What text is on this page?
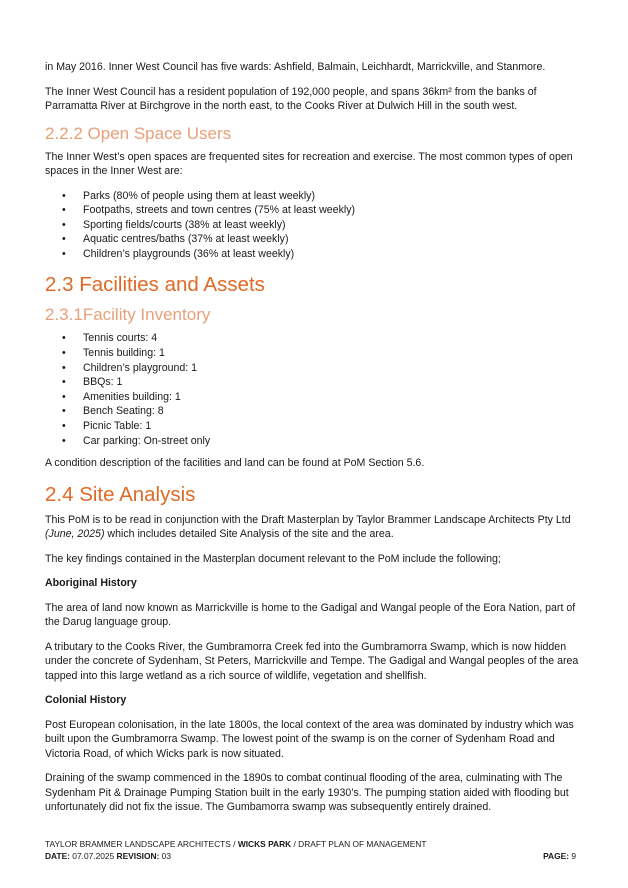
in May 2016. Inner West Council has five wards: Ashfield, Balmain, Leichhardt, Marrickville, and Stanmore.

The Inner West Council has a resident population of 192,000 people, and spans 36km² from the banks of Parramatta River at Birchgrove in the north east, to the Cooks River at Dulwich Hill in the south west.

2.2.2 Open Space Users

The Inner West’s open spaces are frequented sites for recreation and exercise. The most common types of open spaces in the Inner West are:

• Parks (80% of people using them at least weekly)
• Footpaths, streets and town centres (75% at least weekly)
• Sporting fields/courts (38% at least weekly)
• Aquatic centres/baths (37% at least weekly)
• Children’s playgrounds (36% at least weekly)
2.3 Facilities and Assets
2.3.1Facility Inventory
• Tennis courts: 4
• Tennis building: 1
• Children’s playground: 1
• BBQs: 1
• Amenities building: 1
• Bench Seating: 8
• Picnic Table: 1
• Car parking: On-street only

A condition description of the facilities and land can be found at PoM Section 5.6.

2.4 Site Analysis

This PoM is to be read in conjunction with the Draft Masterplan by Taylor Brammer Landscape Architects Pty Ltd (June, 2025) which includes detailed Site Analysis of the site and the area.

The key findings contained in the Masterplan document relevant to the PoM include the following;

Aboriginal History

The area of land now known as Marrickville is home to the Gadigal and Wangal people of the Eora Nation, part of the Darug language group.

A tributary to the Cooks River, the Gumbramorra Creek fed into the Gumbramorra Swamp, which is now hidden under the concrete of Sydenham, St Peters, Marrickville and Tempe. The Gadigal and Wangal peoples of the area tapped into this large wetland as a rich source of wildlife, vegetation and shellfish.

Colonial History

Post European colonisation, in the late 1800s, the local context of the area was dominated by industry which was built upon the Gumbramorra Swamp. The lowest point of the swamp is on the corner of Sydenham Road and Victoria Road, of which Wicks park is now situated.

Draining of the swamp commenced in the 1890s to combat continual flooding of the area, culminating with The Sydenham Pit & Drainage Pumping Station built in the early 1930’s. The pumping station aided with flooding but unfortunately did not fix the issue. The Gumbamorra swamp was subsequently entirely drained.

TAYLOR BRAMMER LANDSCAPE ARCHITECTS / WICKS PARK / DRAFT PLAN OF MANAGEMENT
DATE: 07.07.2025 REVISION: 03	PAGE: 9
